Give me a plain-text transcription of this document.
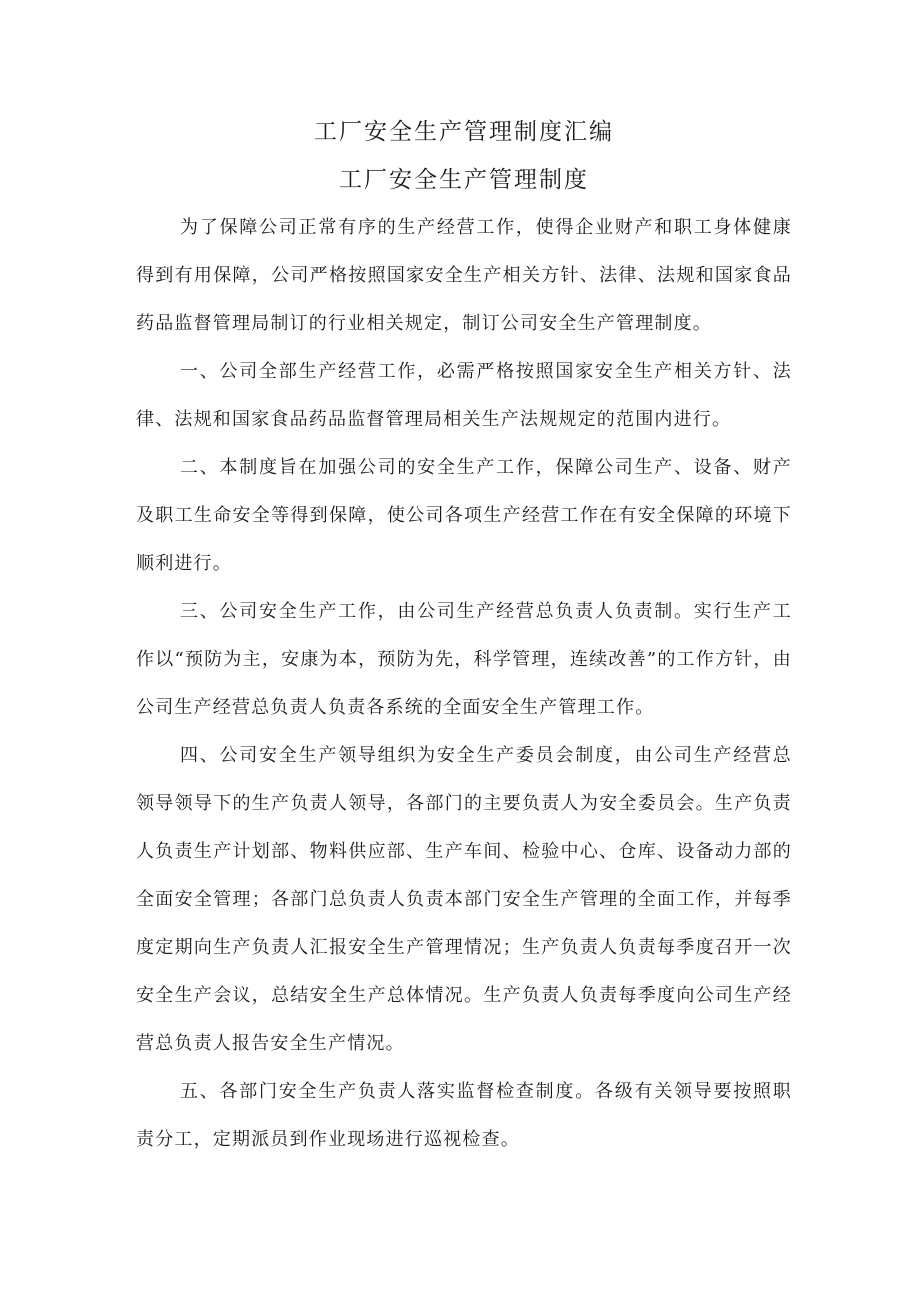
工厂安全生产管理制度汇编
工厂安全生产管理制度

为了保障公司正常有序的生产经营工作，使得企业财产和职工身体健康得到有用保障，公司严格按照国家安全生产相关方针、法律、法规和国家食品药品监督管理局制订的行业相关规定，制订公司安全生产管理制度。

一、公司全部生产经营工作，必需严格按照国家安全生产相关方针、法律、法规和国家食品药品监督管理局相关生产法规规定的范围内进行。

二、本制度旨在加强公司的安全生产工作，保障公司生产、设备、财产及职工生命安全等得到保障，使公司各项生产经营工作在有安全保障的环境下顺利进行。

三、公司安全生产工作，由公司生产经营总负责人负责制。实行生产工作以“预防为主，安康为本，预防为先，科学管理，连续改善”的工作方针，由公司生产经营总负责人负责各系统的全面安全生产管理工作。

四、公司安全生产领导组织为安全生产委员会制度，由公司生产经营总领导领导下的生产负责人领导，各部门的主要负责人为安全委员会。生产负责人负责生产计划部、物料供应部、生产车间、检验中心、仓库、设备动力部的全面安全管理；各部门总负责人负责本部门安全生产管理的全面工作，并每季度定期向生产负责人汇报安全生产管理情况；生产负责人负责每季度召开一次安全生产会议，总结安全生产总体情况。生产负责人负责每季度向公司生产经营总负责人报告安全生产情况。

五、各部门安全生产负责人落实监督检查制度。各级有关领导要按照职责分工，定期派员到作业现场进行巡视检查。
